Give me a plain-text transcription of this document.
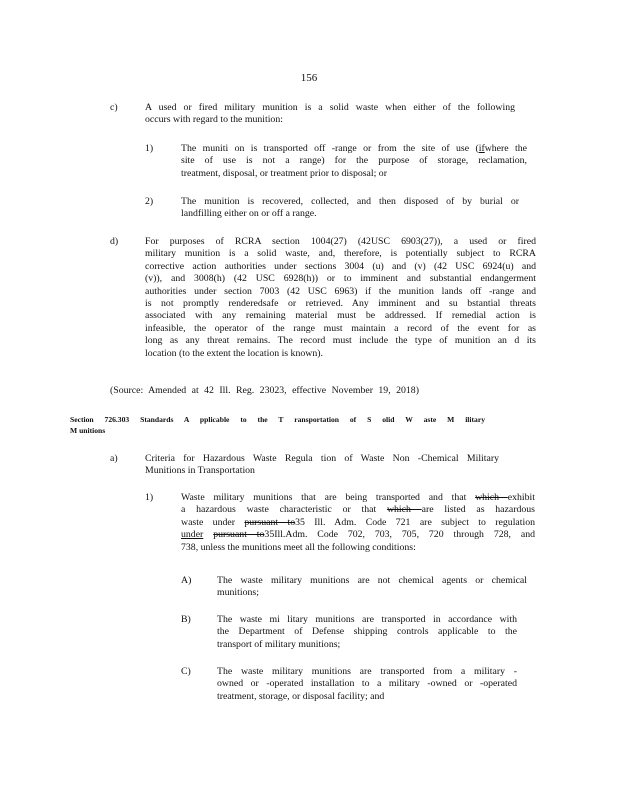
156
c)	A used or fired military munition is a solid waste when either of the following
occurs with regard to the munition:
1)	The muniti on is transported off -range or from the site of use (ifwhere the
site of use is not a range) for the purpose of storage, reclamation,
treatment, disposal, or treatment prior to disposal; or
2)	The munition is recovered, collected, and then disposed of by burial or
landfilling either on or off a range.
d)	For purposes of RCRA section 1004(27) (42USC 6903(27)), a used or fired
military munition is a solid waste, and, therefore, is potentially subject to RCRA
corrective action authorities under sections 3004 (u) and (v) (42 USC 6924(u) and
(v)), and 3008(h) (42 USC 6928(h)) or to imminent and substantial endangerment
authorities under section 7003 (42 USC 6963) if the munition lands off -range and
is not promptly renderedsafe or retrieved. Any imminent and su bstantial threats
associated with any remaining material must be addressed. If remedial action is
infeasible, the operator of the range must maintain a record of the event for as
long as any threat remains. The record must include the type of munition an d its
location (to the extent the location is known).
(Source: Amended at 42 Ill. Reg. 23023, effective November 19, 2018)
Section 726.303 Standards A pplicable to the T ransportation of S olid W aste M ilitary
M unitions
a)	Criteria for Hazardous Waste Regula tion of Waste Non -Chemical Military
Munitions in Transportation
1)	Waste military munitions that are being transported and that which exhibit
a hazardous waste characteristic or that which are listed as hazardous
waste under pursuant to35 Ill. Adm. Code 721 are subject to regulation
under pursuant to35Ill.Adm. Code 702, 703, 705, 720 through 728, and
738, unless the munitions meet all the following conditions:
A)	The waste military munitions are not chemical agents or chemical
munitions;
B)	The waste mi litary munitions are transported in accordance with
the Department of Defense shipping controls applicable to the
transport of military munitions;
C)	The waste military munitions are transported from a military -
owned or -operated installation to a military -owned or -operated
treatment, storage, or disposal facility; and
